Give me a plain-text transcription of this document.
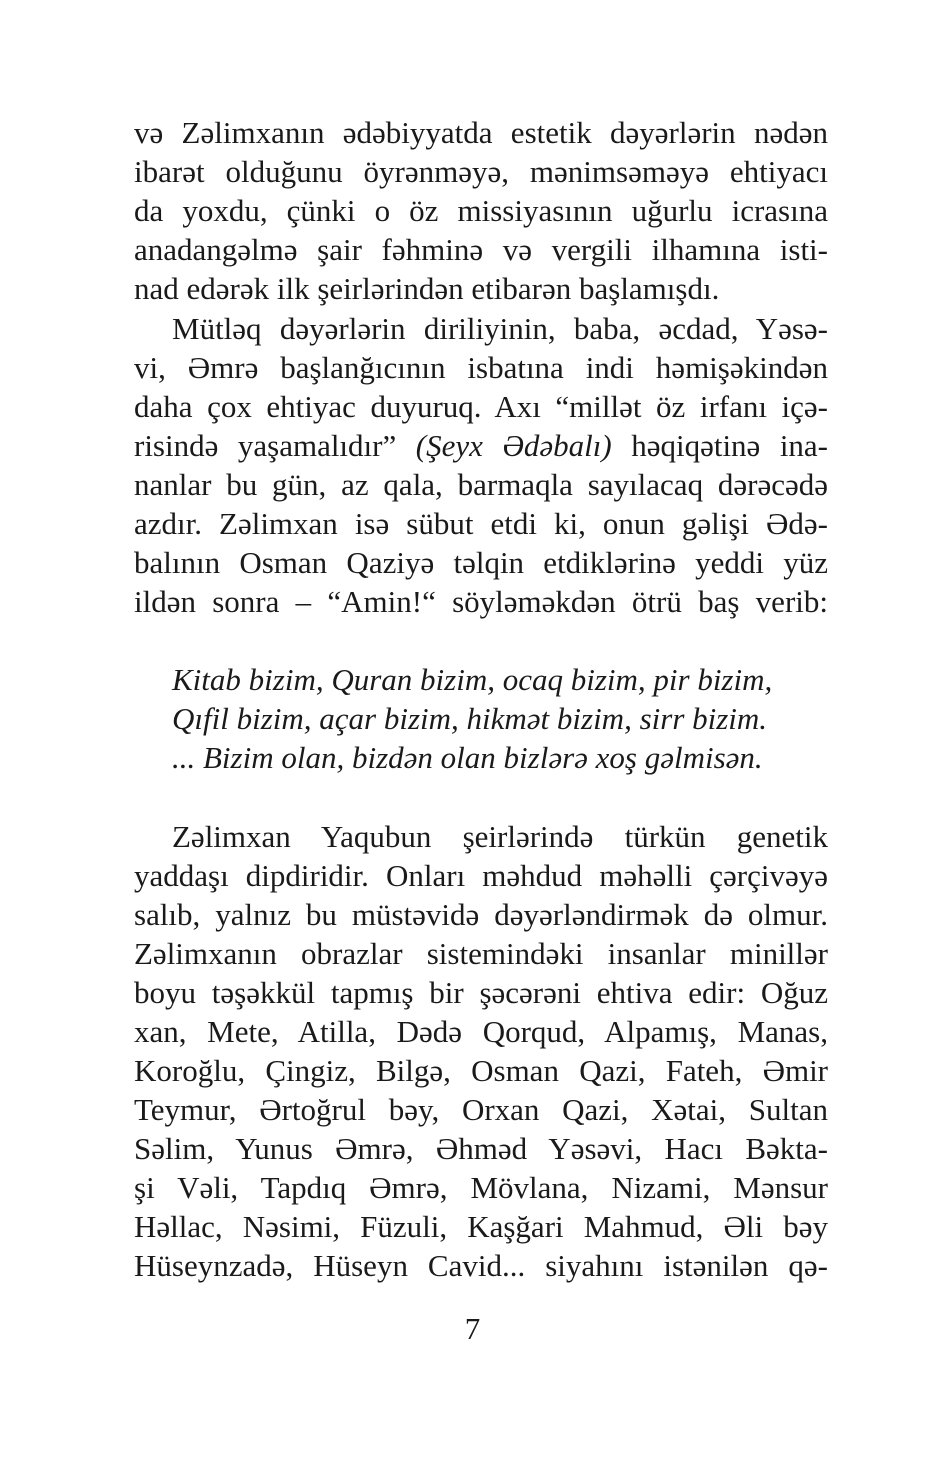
və Zəlimxanın ədəbiyyatda estetik dəyərlərin nədən
ibarət olduğunu öyrənməyə, mənimsəməyə ehtiyacı
da yoxdu, çünki o öz missiyasının uğurlu icrasına
anadangəlmə şair fəhminə və vergili ilhamına isti-
nad edərək ilk şeirlərindən etibarən başlamışdı.
Mütləq dəyərlərin diriliyinin, baba, əcdad, Yəsə-
vi, Əmrə başlanğıcının isbatına indi həmişəkindən
daha çox ehtiyac duyuruq. Axı “millət öz irfanı içə-
risində yaşamalıdır” (Şeyx Ədəbalı) həqiqətinə ina-
nanlar bu gün, az qala, barmaqla sayılacaq dərəcədə
azdır. Zəlimxan isə sübut etdi ki, onun gəlişi Ədə-
balının Osman Qaziyə təlqin etdiklərinə yeddi yüz
ildən sonra – “Amin!“ söyləməkdən ötrü baş verib:
Kitab bizim, Quran bizim, ocaq bizim, pir bizim,
Qıfil bizim, açar bizim, hikmət bizim, sirr bizim.
... Bizim olan, bizdən olan bizlərə xoş gəlmisən.
Zəlimxan Yaqubun şeirlərində türkün genetik
yaddaşı dipdiridir. Onları məhdud məhəlli çərçivəyə
salıb, yalnız bu müstəvidə dəyərləndirmək də olmur.
Zəlimxanın obrazlar sistemindəki insanlar minillər
boyu təşəkkül tapmış bir şəcərəni ehtiva edir: Oğuz
xan, Mete, Atilla, Dədə Qorqud, Alpamış, Manas,
Koroğlu, Çingiz, Bilgə, Osman Qazi, Fateh, Əmir
Teymur, Ərtoğrul bəy, Orxan Qazi, Xətai, Sultan
Səlim, Yunus Əmrə, Əhməd Yəsəvi, Hacı Bəkta-
şi Vəli, Tapdıq Əmrə, Mövlana, Nizami, Mənsur
Həllac, Nəsimi, Füzuli, Kaşğari Mahmud, Əli bəy
Hüseynzadə, Hüseyn Cavid... siyahını istənilən qə-
7
